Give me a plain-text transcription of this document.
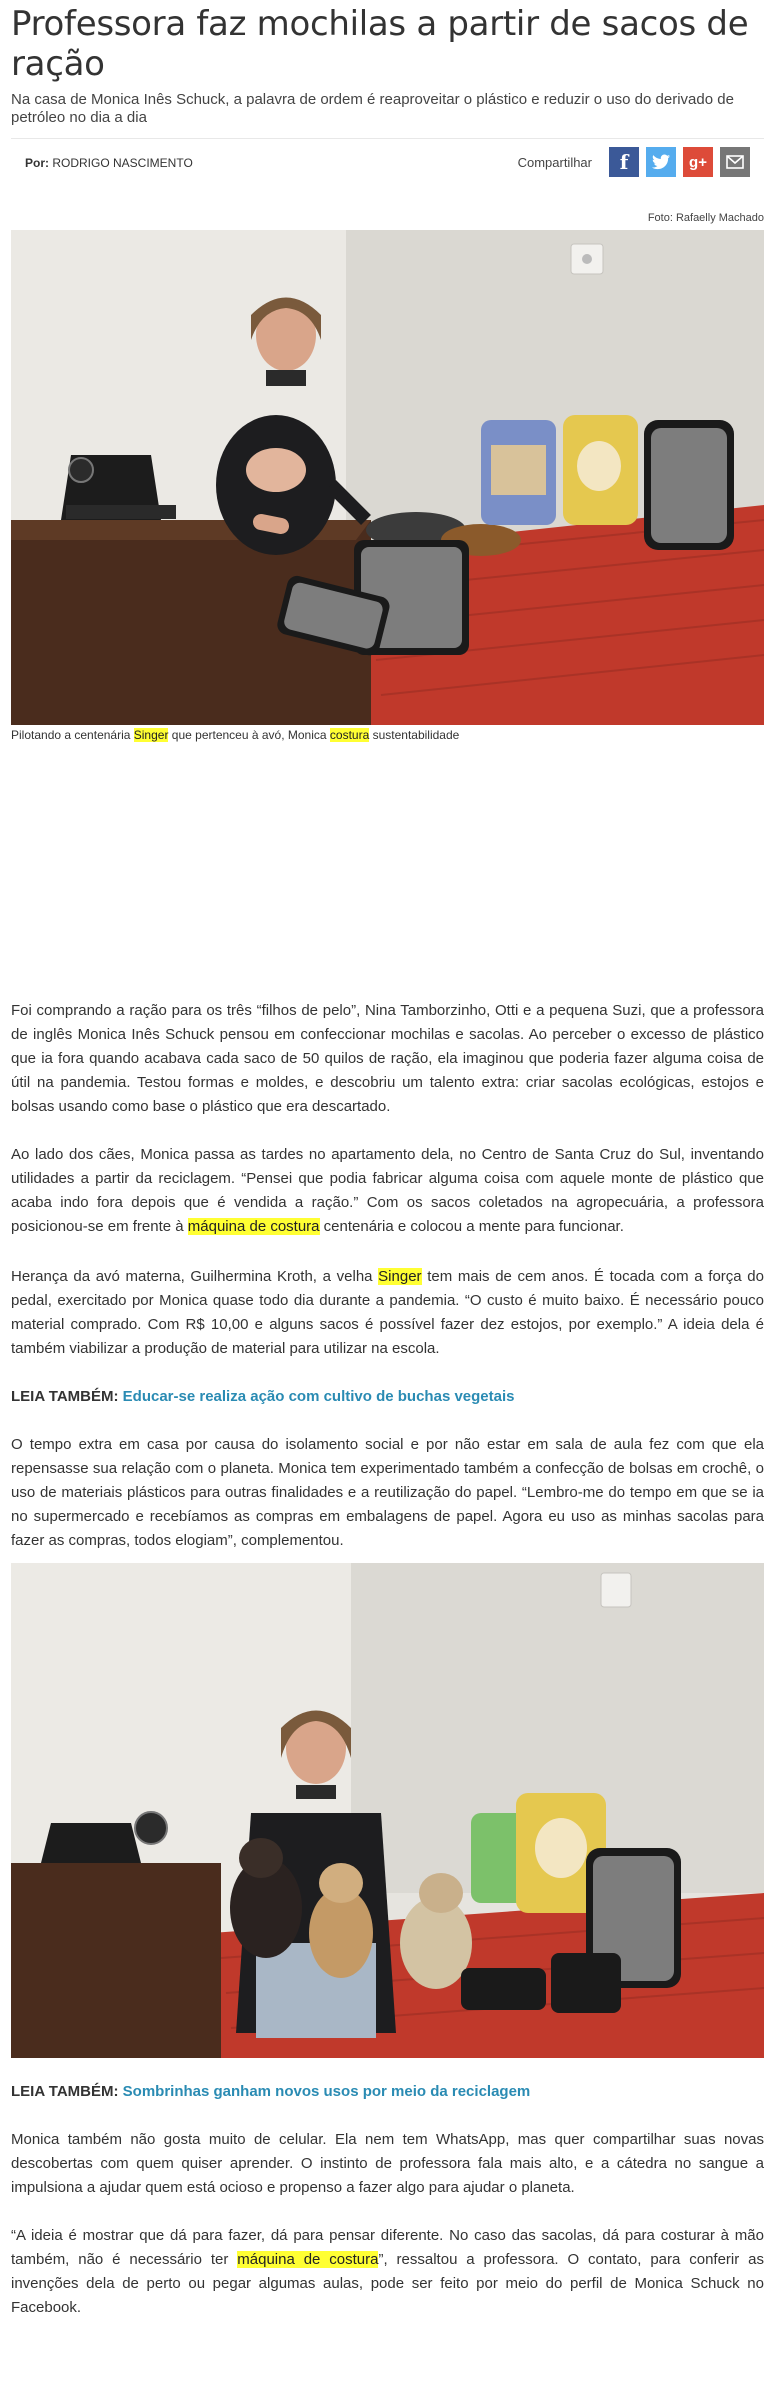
Professora faz mochilas a partir de sacos de ração

Na casa de Monica Inês Schuck, a palavra de ordem é reaproveitar o plástico e reduzir o uso do derivado de petróleo no dia a dia

Por: RODRIGO NASCIMENTO	Compartilhar f	g+
Foto: Rafaelly Machado
Pilotando a centenária Singer que pertenceu à avó, Monica costura sustentabilidade

Foi comprando a ração para os três “filhos de pelo”, Nina Tamborzinho, Otti e a pequena Suzi, que a professora de inglês Monica Inês Schuck pensou em confeccionar mochilas e sacolas. Ao perceber o excesso de plástico que ia fora quando acabava cada saco de 50 quilos de ração, ela imaginou que poderia fazer alguma coisa de útil na pandemia. Testou formas e moldes, e descobriu um talento extra: criar sacolas ecológicas, estojos e bolsas usando como base o plástico que era descartado.

Ao lado dos cães, Monica passa as tardes no apartamento dela, no Centro de Santa Cruz do Sul, inventando utilidades a partir da reciclagem. “Pensei que podia fabricar alguma coisa com aquele monte de plástico que acaba indo fora depois que é vendida a ração.” Com os sacos coletados na agropecuária, a professora posicionou-se em frente à máquina de costura centenária e colocou a mente para funcionar.

Herança da avó materna, Guilhermina Kroth, a velha Singer tem mais de cem anos. É tocada com a força do pedal, exercitado por Monica quase todo dia durante a pandemia. “O custo é muito baixo. É necessário pouco material comprado. Com R$ 10,00 e alguns sacos é possível fazer dez estojos, por exemplo.” A ideia dela é também viabilizar a produção de material para utilizar na escola.

LEIA TAMBÉM: Educar-se realiza ação com cultivo de buchas vegetais

O tempo extra em casa por causa do isolamento social e por não estar em sala de aula fez com que ela repensasse sua relação com o planeta. Monica tem experimentado também a confecção de bolsas em crochê, o uso de materiais plásticos para outras finalidades e a reutilização do papel. “Lembro-me do tempo em que se ia no supermercado e recebíamos as compras em embalagens de papel. Agora eu uso as minhas sacolas para fazer as compras, todos elogiam”, complementou.

LEIA TAMBÉM: Sombrinhas ganham novos usos por meio da reciclagem

Monica também não gosta muito de celular. Ela nem tem WhatsApp, mas quer compartilhar suas novas descobertas com quem quiser aprender. O instinto de professora fala mais alto, e a cátedra no sangue a impulsiona a ajudar quem está ocioso e propenso a fazer algo para ajudar o planeta.

“A ideia é mostrar que dá para fazer, dá para pensar diferente. No caso das sacolas, dá para costurar à mão também, não é necessário ter máquina de costura”, ressaltou a professora. O contato, para conferir as invenções dela de perto ou pegar algumas aulas, pode ser feito por meio do perfil de Monica Schuck no Facebook.
